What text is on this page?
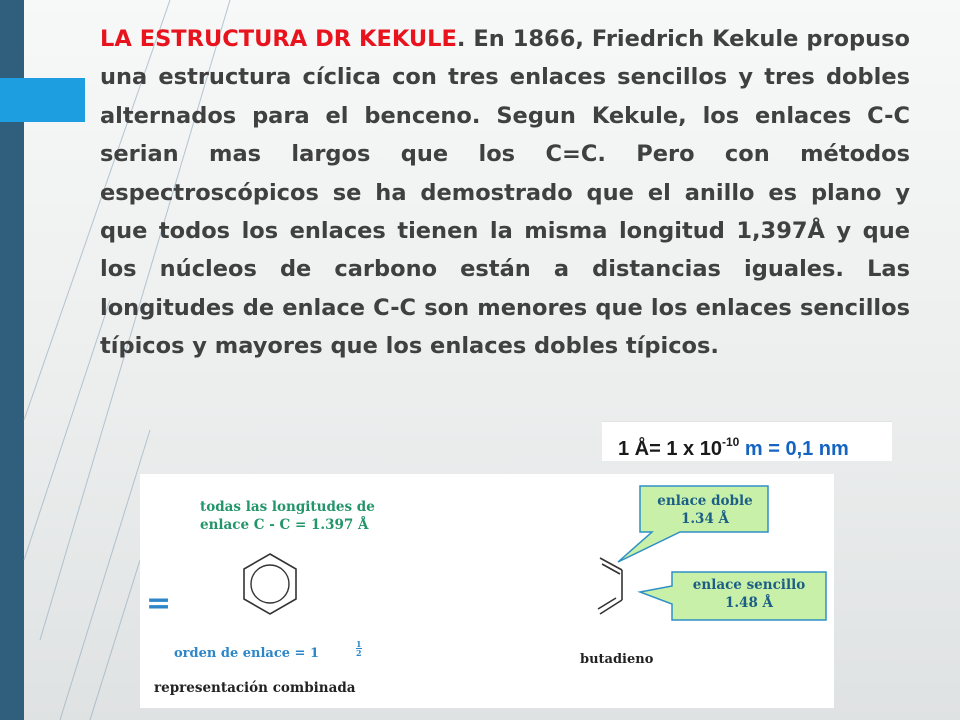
LA ESTRUCTURA DR KEKULE. En 1866, Friedrich Kekule propuso una estructura cíclica con tres enlaces sencillos y tres dobles alternados para el benceno. Segun Kekule, los enlaces C-C serian mas largos que los C=C. Pero con métodos espectroscópicos se ha demostrado que el anillo es plano y que todos los enlaces tienen la misma longitud 1,397Å y que los núcleos de carbono están a distancias iguales. Las longitudes de enlace C-C son menores que los enlaces sencillos típicos y mayores que los enlaces dobles típicos.
1 Å= 1 x $10^{-10}$ m = 0,1 nm
=
todas las longitudes de
enlace C - C = 1.397 Å
orden de enlace = 1	$\frac{1}{2}$
representación combinada
butadieno
enlace doble
1.34 Å
enlace sencillo
1.48 Å
